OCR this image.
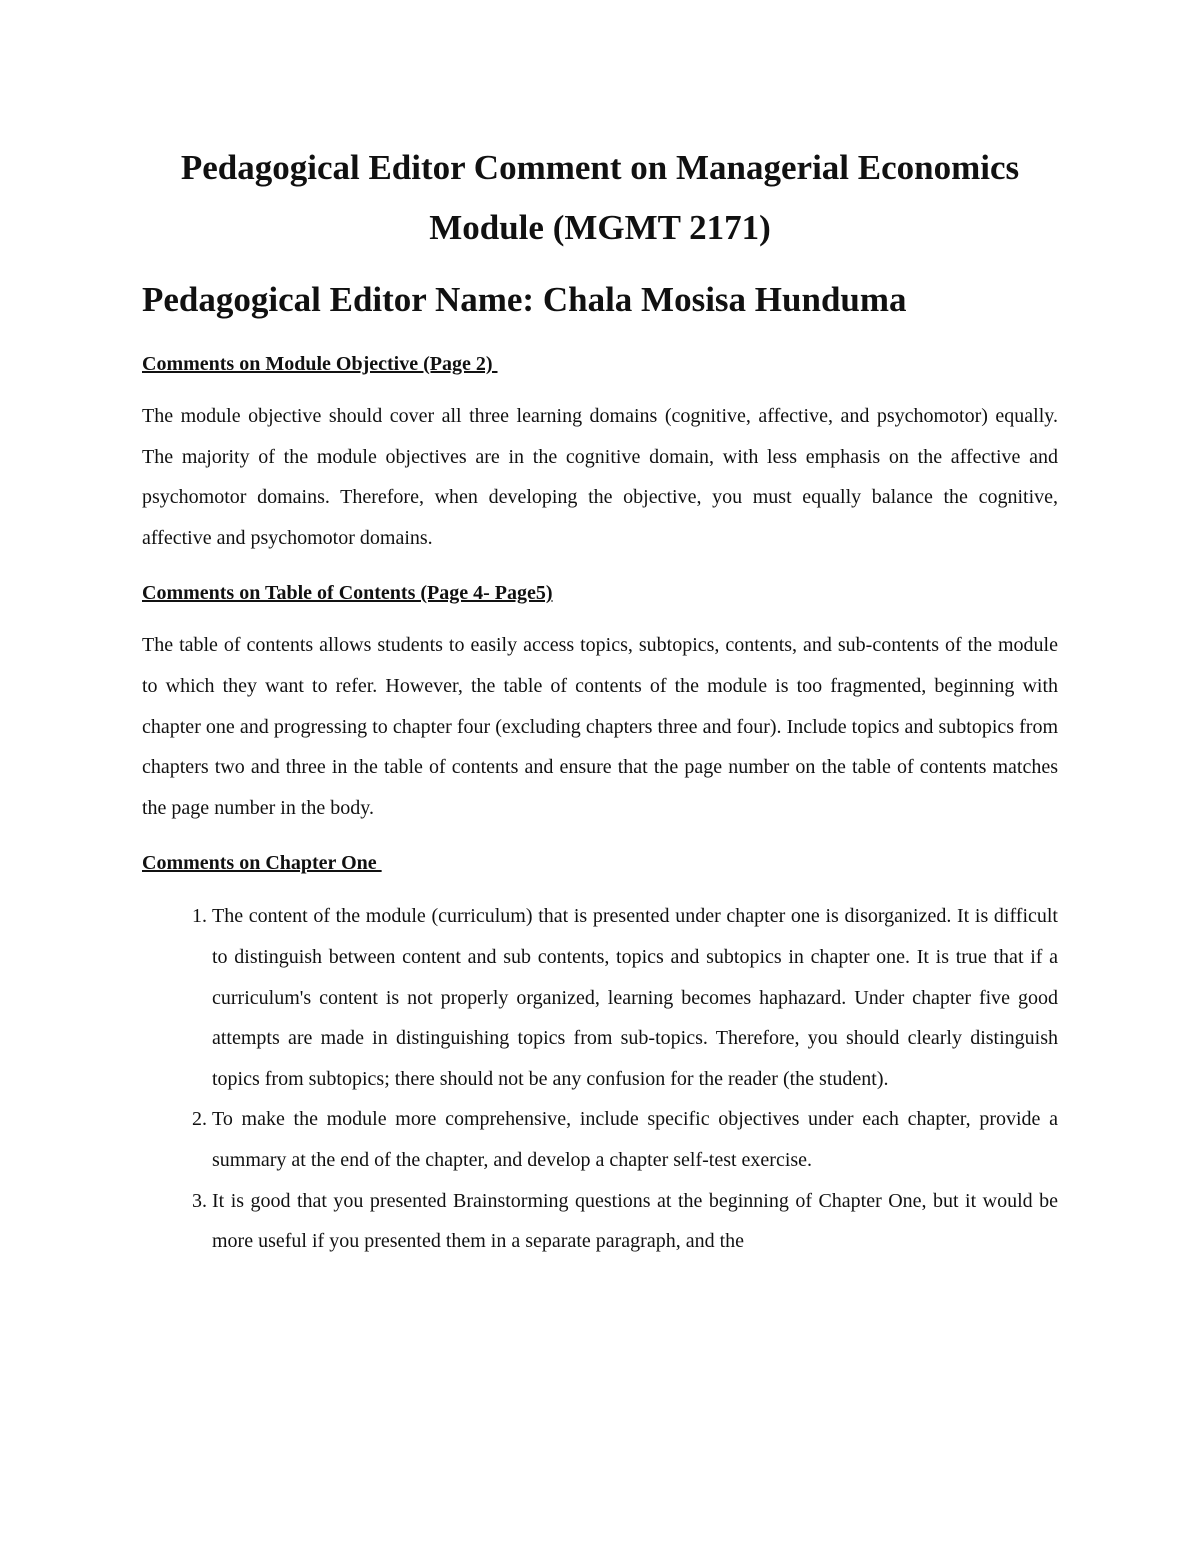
Pedagogical Editor Comment on Managerial Economics
Module (MGMT 2171)
Pedagogical Editor Name: Chala Mosisa Hunduma

Comments on Module Objective (Page 2)

The module objective should cover all three learning domains (cognitive, affective, and psychomotor) equally. The majority of the module objectives are in the cognitive domain, with less emphasis on the affective and psychomotor domains. Therefore, when developing the objective, you must equally balance the cognitive, affective and psychomotor domains.

Comments on Table of Contents (Page 4- Page5)

The table of contents allows students to easily access topics, subtopics, contents, and sub-contents of the module to which they want to refer. However, the table of contents of the module is too fragmented, beginning with chapter one and progressing to chapter four (excluding chapters three and four). Include topics and subtopics from chapters two and three in the table of contents and ensure that the page number on the table of contents matches the page number in the body.

Comments on Chapter One

1. The content of the module (curriculum) that is presented under chapter one is disorganized. It is difficult to distinguish between content and sub contents, topics and subtopics in chapter one. It is true that if a curriculum's content is not properly organized, learning becomes haphazard. Under chapter five good attempts are made in distinguishing topics from sub-topics. Therefore, you should clearly distinguish topics from subtopics; there should not be any confusion for the reader (the student).
2. To make the module more comprehensive, include specific objectives under each chapter, provide a summary at the end of the chapter, and develop a chapter self-test exercise.
3. It is good that you presented Brainstorming questions at the beginning of Chapter One, but it would be more useful if you presented them in a separate paragraph, and the
